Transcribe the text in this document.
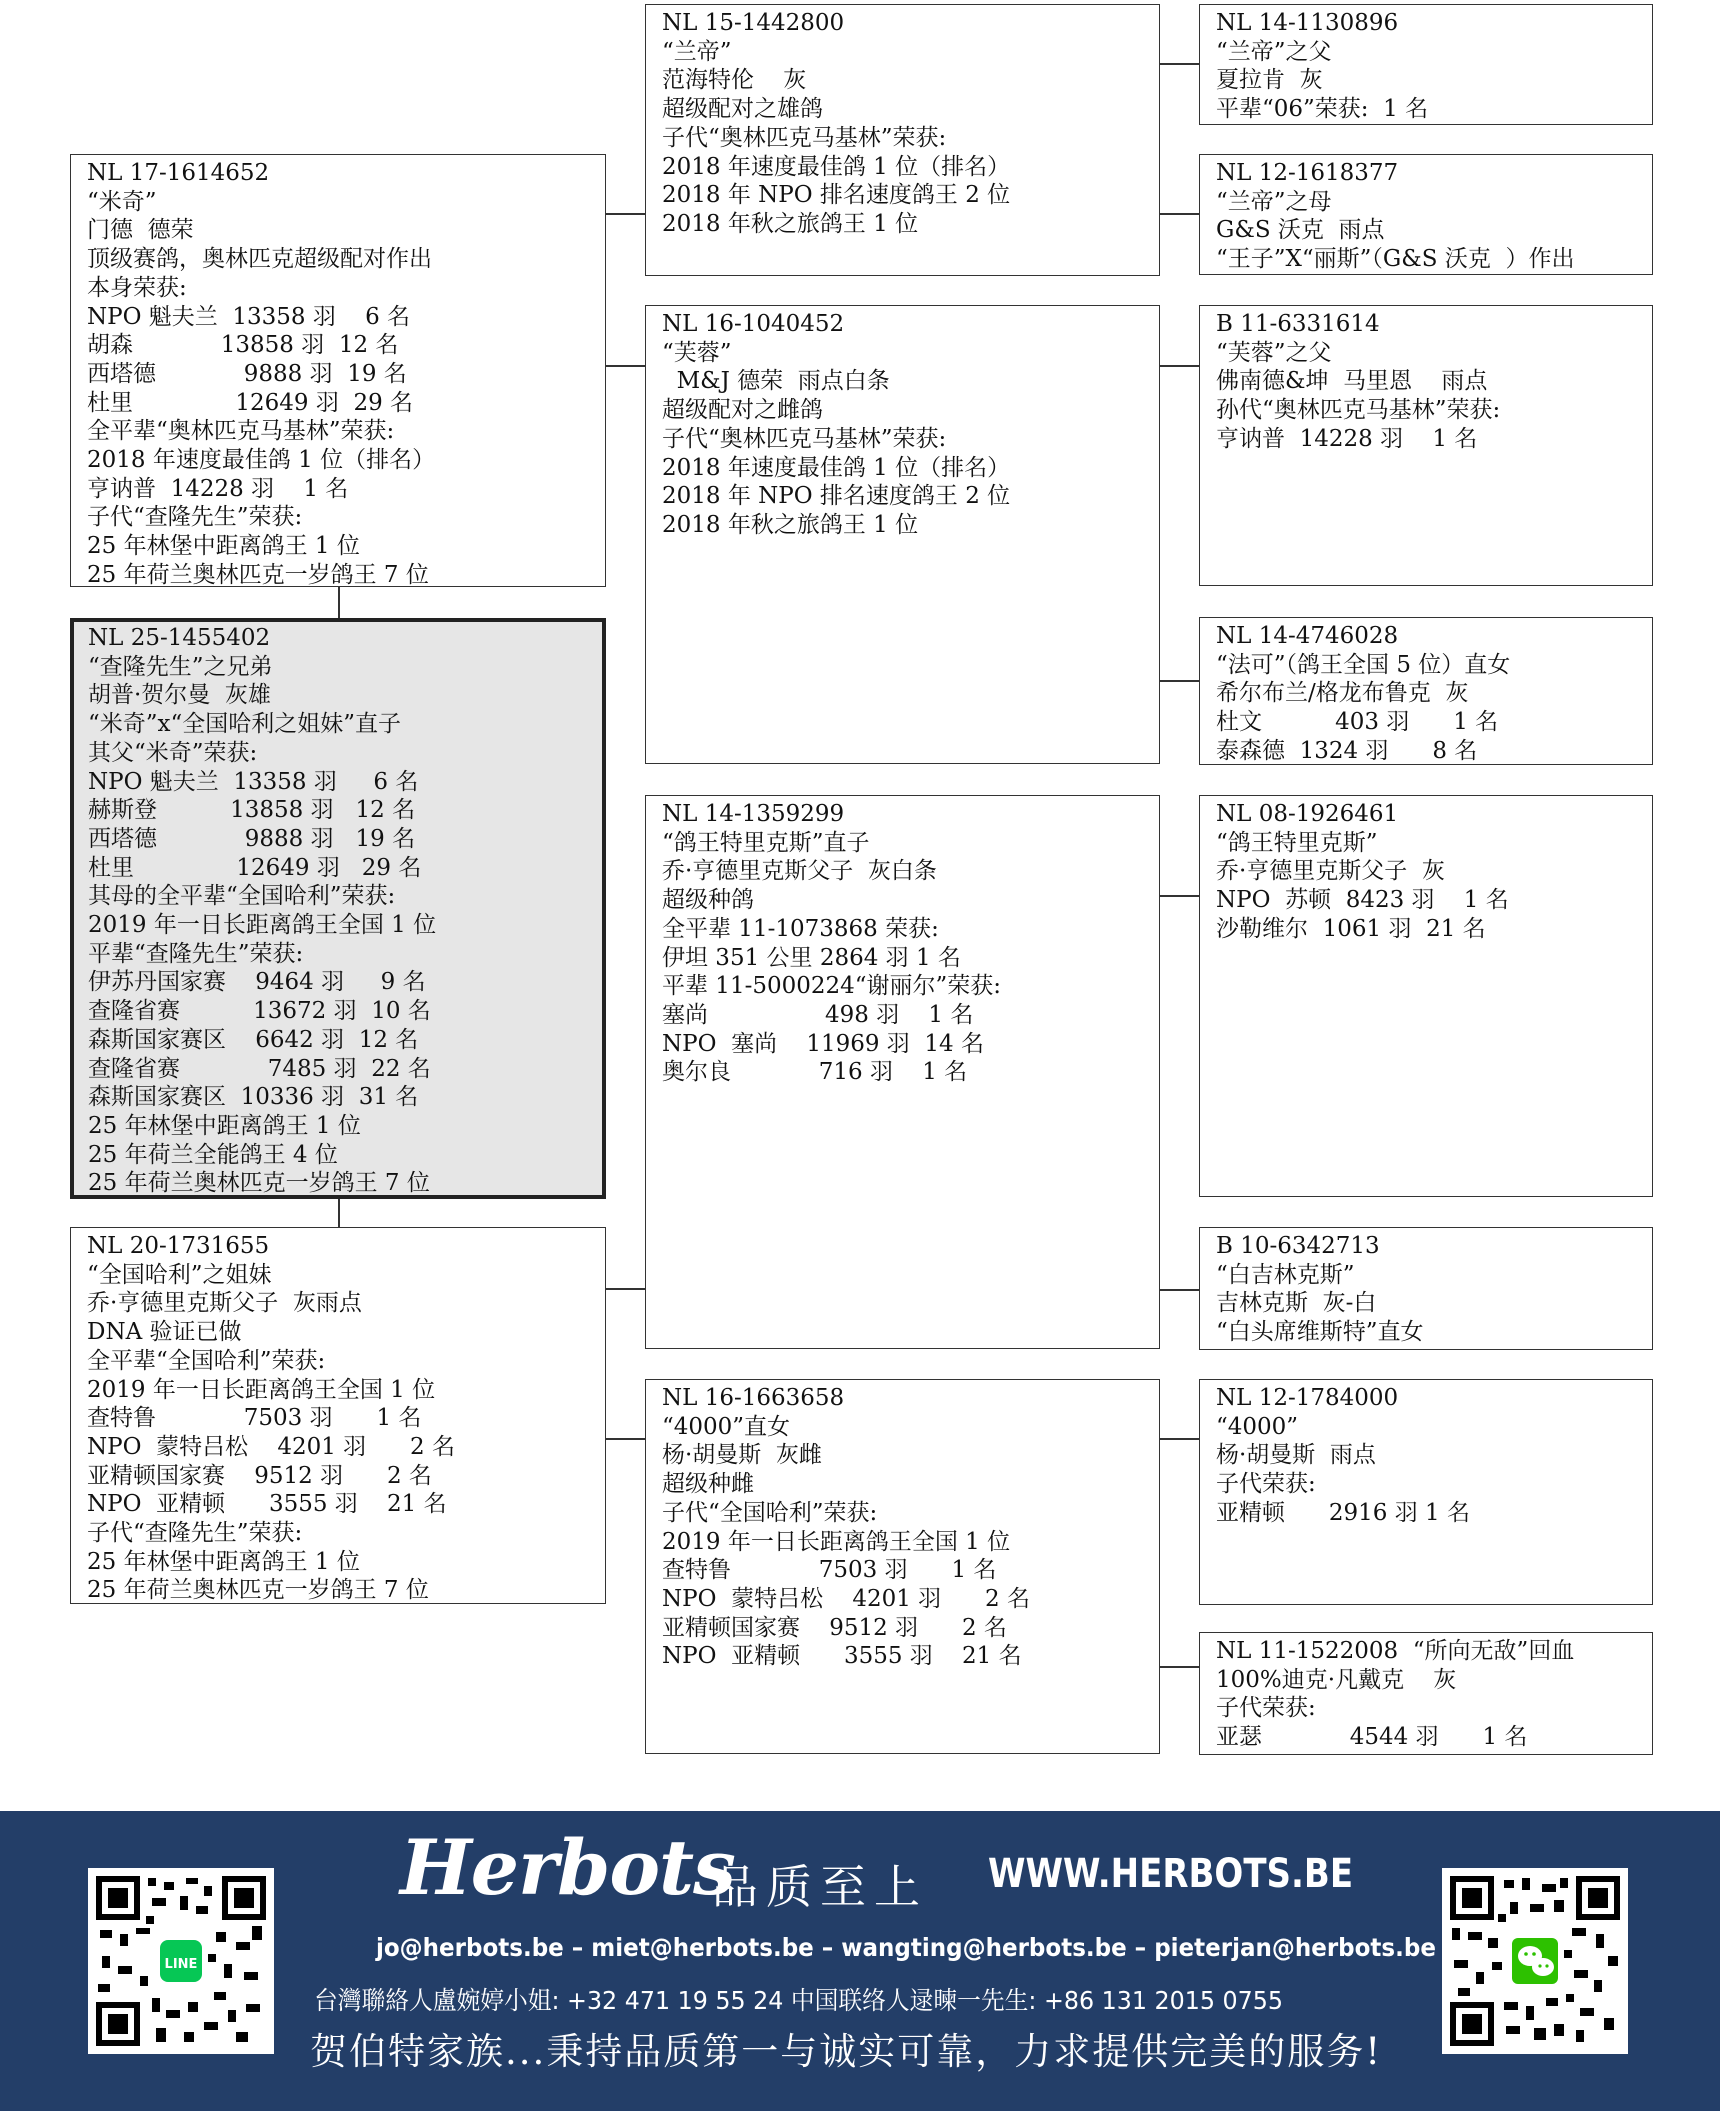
NL 17-1614652
“米奇”
门德  德荣
顶级赛鸽，奥林匹克超级配对作出
本身荣获:
NPO 魁夫兰  13358 羽    6 名
胡森            13858 羽  12 名
西塔德            9888 羽  19 名
杜里              12649 羽  29 名
全平辈“奥林匹克马基林”荣获:
2018 年速度最佳鸽 1 位（排名）
亨讷普  14228 羽    1 名
子代“查隆先生”荣获:
25 年林堡中距离鸽王 1 位
25 年荷兰奥林匹克一岁鸽王 7 位
NL 25-1455402
“查隆先生”之兄弟
胡普·贺尔曼  灰雄
“米奇”x“全国哈利之姐妹”直子
其父“米奇”荣获:
NPO 魁夫兰  13358 羽     6 名
赫斯登          13858 羽   12 名
西塔德            9888 羽   19 名
杜里              12649 羽   29 名
其母的全平辈“全国哈利”荣获:
2019 年一日长距离鸽王全国 1 位
平辈“查隆先生”荣获:
伊苏丹国家赛    9464 羽     9 名
查隆省赛          13672 羽  10 名
森斯国家赛区    6642 羽  12 名
查隆省赛            7485 羽  22 名
森斯国家赛区  10336 羽  31 名
25 年林堡中距离鸽王 1 位
25 年荷兰全能鸽王 4 位
25 年荷兰奥林匹克一岁鸽王 7 位
NL 20-1731655
“全国哈利”之姐妹
乔·亨德里克斯父子  灰雨点
DNA 验证已做
全平辈“全国哈利”荣获:
2019 年一日长距离鸽王全国 1 位
查特鲁            7503 羽      1 名
NPO  蒙特吕松    4201 羽      2 名
亚精顿国家赛    9512 羽      2 名
NPO  亚精顿      3555 羽    21 名
子代“查隆先生”荣获:
25 年林堡中距离鸽王 1 位
25 年荷兰奥林匹克一岁鸽王 7 位
NL 15-1442800
“兰帝”
范海特伦    灰
超级配对之雄鸽
子代“奥林匹克马基林”荣获:
2018 年速度最佳鸽 1 位（排名）
2018 年 NPO 排名速度鸽王 2 位
2018 年秋之旅鸽王 1 位
NL 16-1040452
“芙蓉”
M&J 德荣  雨点白条
超级配对之雌鸽
子代“奥林匹克马基林”荣获:
2018 年速度最佳鸽 1 位（排名）
2018 年 NPO 排名速度鸽王 2 位
2018 年秋之旅鸽王 1 位
NL 14-1359299
“鸽王特里克斯”直子
乔·亨德里克斯父子  灰白条
超级种鸽
全平辈 11-1073868 荣获:
伊坦 351 公里 2864 羽 1 名
平辈 11-5000224“谢丽尔”荣获:
塞尚                498 羽    1 名
NPO  塞尚    11969 羽  14 名
奥尔良            716 羽    1 名
NL 16-1663658
“4000”直女
杨·胡曼斯  灰雌
超级种雌
子代“全国哈利”荣获:
2019 年一日长距离鸽王全国 1 位
查特鲁            7503 羽      1 名
NPO  蒙特吕松    4201 羽      2 名
亚精顿国家赛    9512 羽      2 名
NPO  亚精顿      3555 羽    21 名
NL 14-1130896
“兰帝”之父
夏拉肯  灰
平辈“06”荣获:  1 名
NL 12-1618377
“兰帝”之母
G&S 沃克  雨点
“王子”X“丽斯”（G&S 沃克  ）作出
B 11-6331614
“芙蓉”之父
佛南德&坤  马里恩    雨点
孙代“奥林匹克马基林”荣获:
亨讷普  14228 羽    1 名
NL 14-4746028
“法可”（鸽王全国 5 位）直女
希尔布兰/格龙布鲁克  灰
杜文          403 羽      1 名
泰森德  1324 羽      8 名
NL 08-1926461
“鸽王特里克斯”
乔·亨德里克斯父子  灰
NPO  苏顿  8423 羽    1 名
沙勒维尔  1061 羽  21 名
B 10-6342713
“白吉林克斯”
吉林克斯  灰-白
“白头席维斯特”直女
NL 12-1784000
“4000”
杨·胡曼斯  雨点
子代荣获:
亚精顿      2916 羽 1 名
NL 11-1522008  “所向无敌”回血
100%迪克·凡戴克    灰
子代荣获:
亚瑟            4544 羽      1 名
LINE
Herbots
品质至上 WWW.HERBOTS.BE
jo@herbots.be – miet@herbots.be – wangting@herbots.be – pieterjan@herbots.be
台灣聯絡人盧婉婷小姐: +32 471 19 55 24 中国联络人逯暕一先生: +86 131 2015 0755
贺伯特家族...秉持品质第一与诚实可靠，力求提供完美的服务!
